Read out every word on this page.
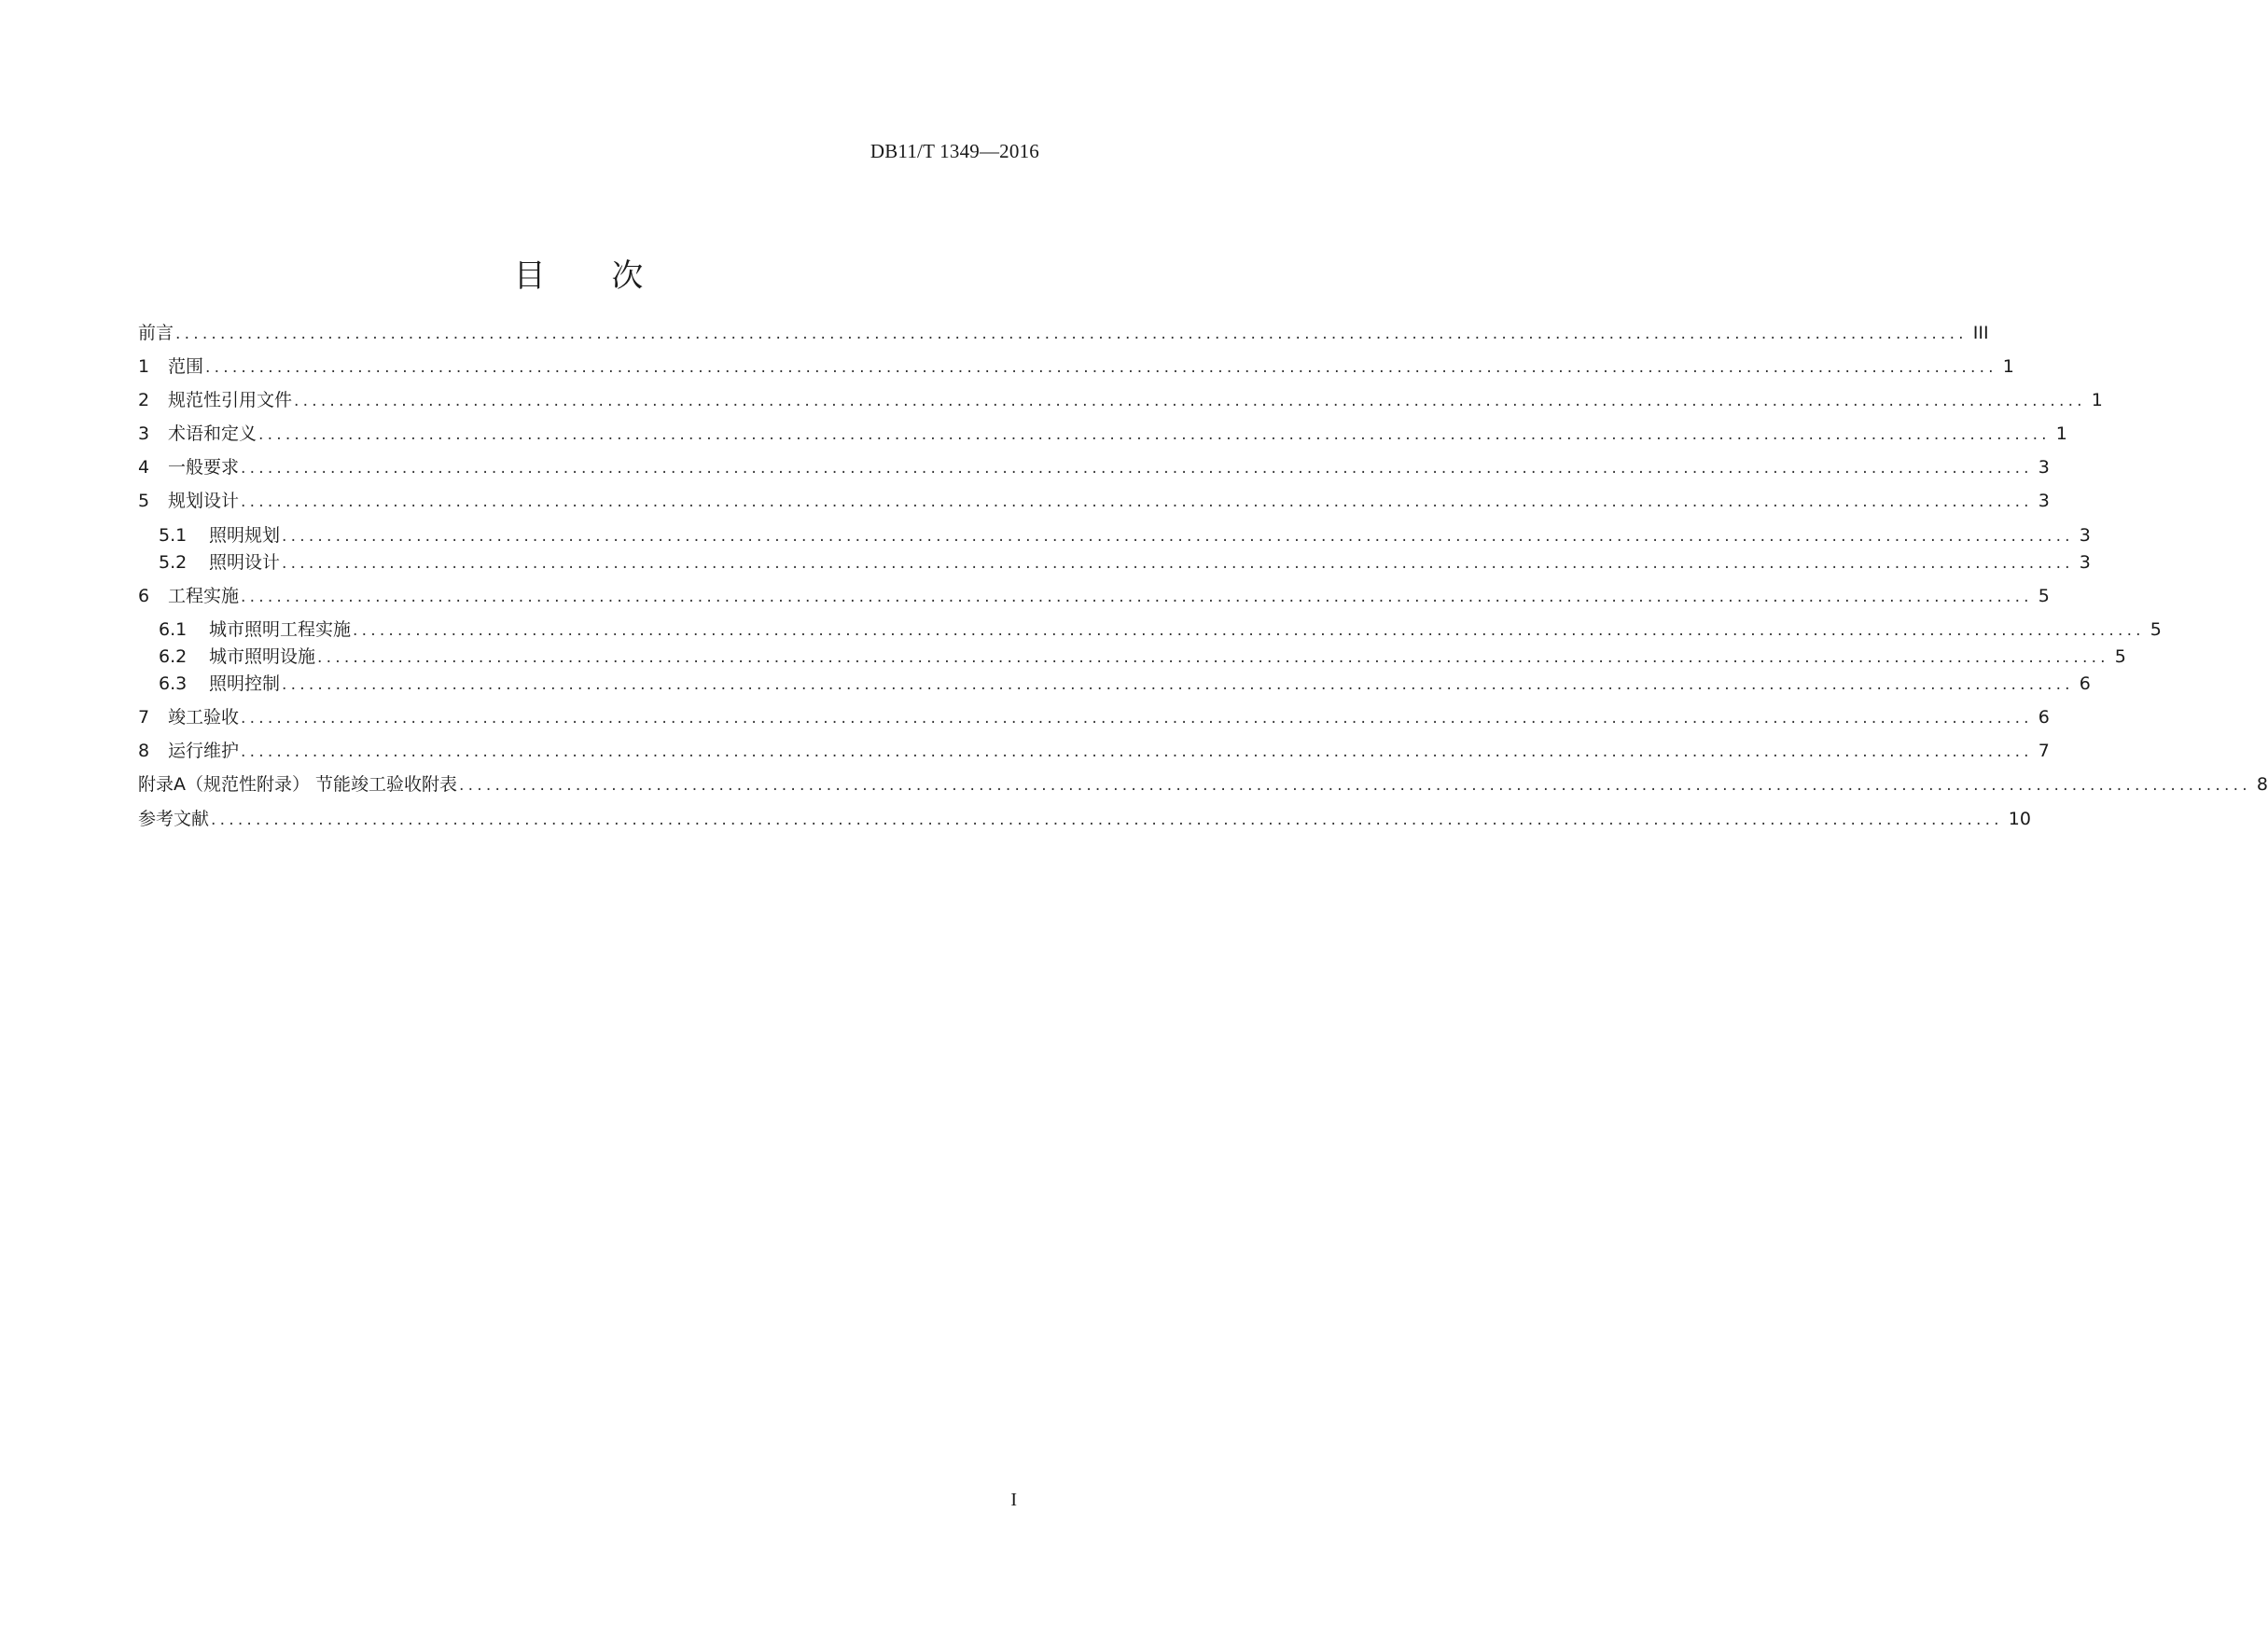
DB11/T 1349—2016
目 次
前言 ........................................................................................................................................................................................................ III
1	范围 ........................................................................................................................................................................................................ 1
2	规范性引用文件 ........................................................................................................................................................................................................ 1
3	术语和定义 ........................................................................................................................................................................................................ 1
4	一般要求 ........................................................................................................................................................................................................ 3
5	规划设计 ........................................................................................................................................................................................................ 3
5.1	照明规划 ........................................................................................................................................................................................................ 3
5.2	照明设计 ........................................................................................................................................................................................................ 3
6	工程实施 ........................................................................................................................................................................................................ 5
6.1	城市照明工程实施 ........................................................................................................................................................................................................ 5
6.2	城市照明设施 ........................................................................................................................................................................................................ 5
6.3	照明控制 ........................................................................................................................................................................................................ 6
7	竣工验收 ........................................................................................................................................................................................................ 6
8	运行维护 ........................................................................................................................................................................................................ 7
附录A（规范性附录） 节能竣工验收附表 ........................................................................................................................................................................................................ 8
参考文献 ........................................................................................................................................................................................................ 10
I
